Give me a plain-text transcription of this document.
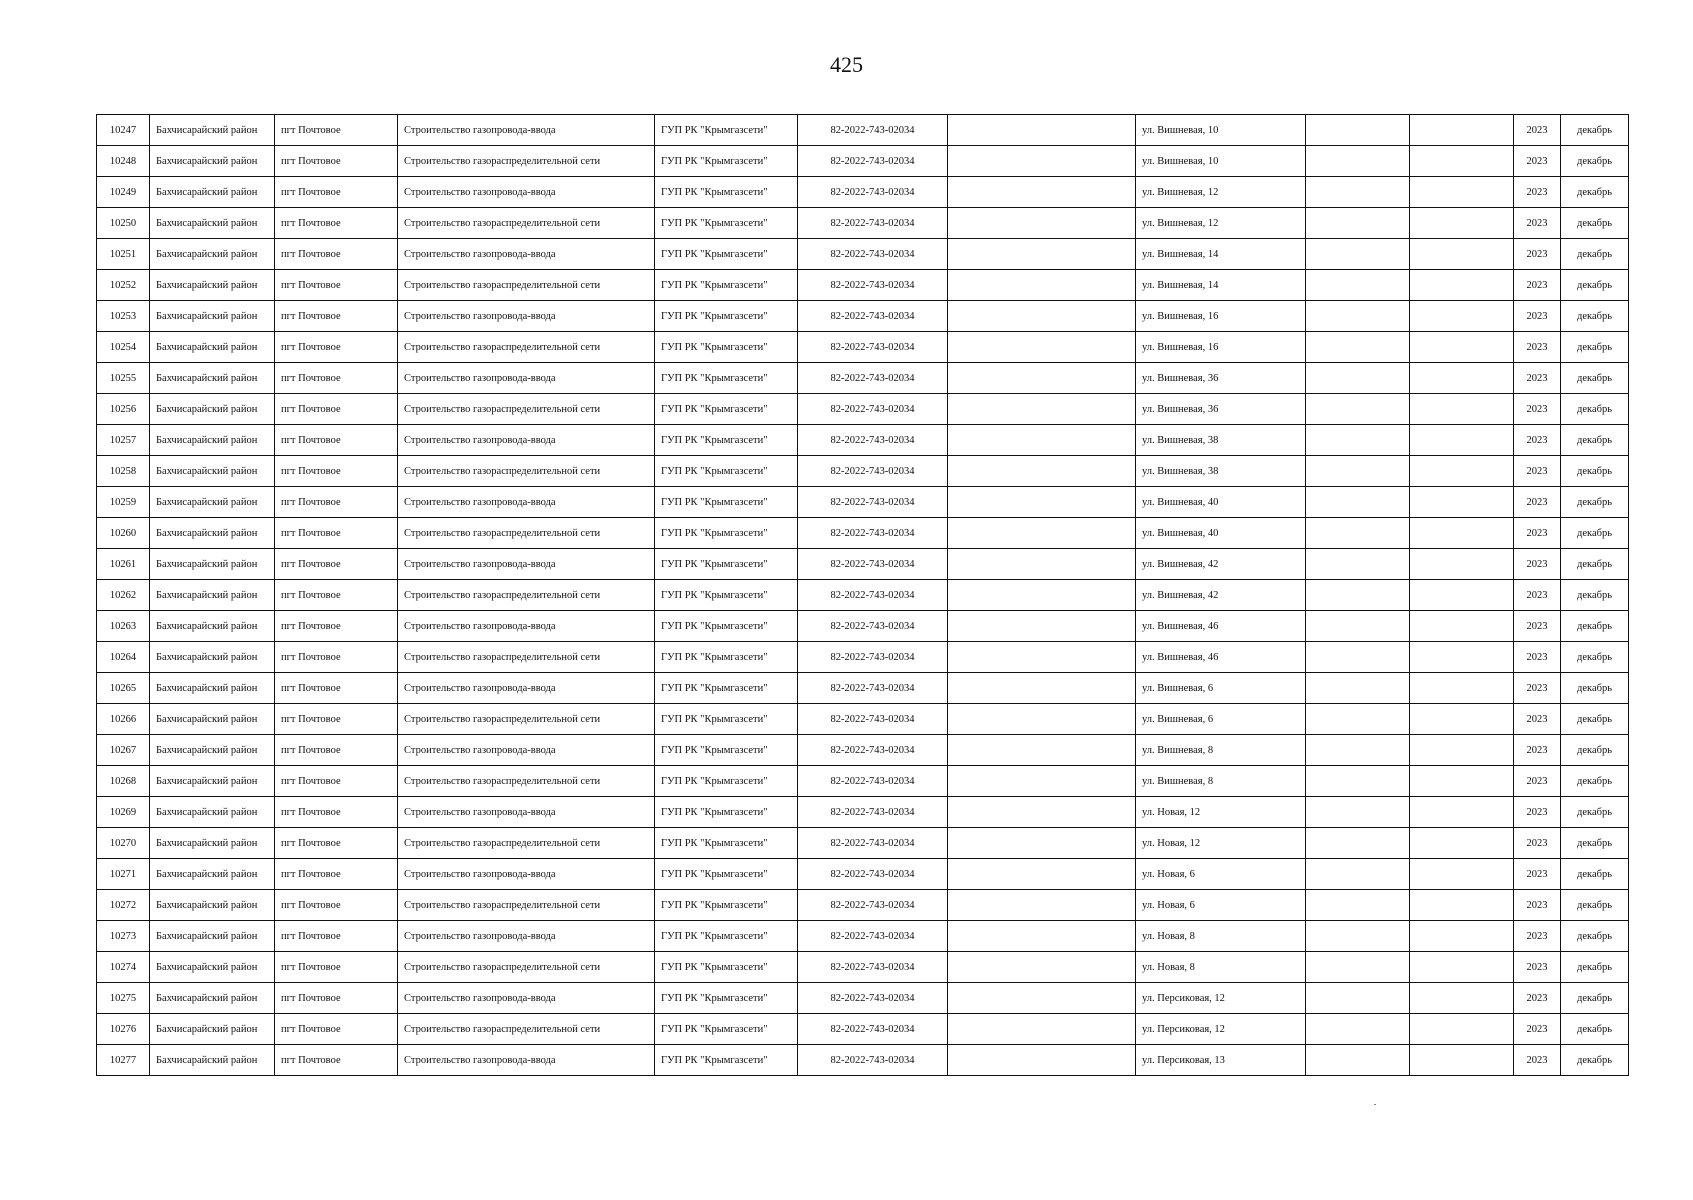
425
10247	Бахчисарайский район	пгт Почтовое	Строительство газопровода-ввода	ГУП РК "Крымгазсети"	82-2022-743-02034		ул. Вишневая, 10			2023	декабрь
10248	Бахчисарайский район	пгт Почтовое	Строительство газораспределительной сети	ГУП РК "Крымгазсети"	82-2022-743-02034		ул. Вишневая, 10			2023	декабрь
10249	Бахчисарайский район	пгт Почтовое	Строительство газопровода-ввода	ГУП РК "Крымгазсети"	82-2022-743-02034		ул. Вишневая, 12			2023	декабрь
10250	Бахчисарайский район	пгт Почтовое	Строительство газораспределительной сети	ГУП РК "Крымгазсети"	82-2022-743-02034		ул. Вишневая, 12			2023	декабрь
10251	Бахчисарайский район	пгт Почтовое	Строительство газопровода-ввода	ГУП РК "Крымгазсети"	82-2022-743-02034		ул. Вишневая, 14			2023	декабрь
10252	Бахчисарайский район	пгт Почтовое	Строительство газораспределительной сети	ГУП РК "Крымгазсети"	82-2022-743-02034		ул. Вишневая, 14			2023	декабрь
10253	Бахчисарайский район	пгт Почтовое	Строительство газопровода-ввода	ГУП РК "Крымгазсети"	82-2022-743-02034		ул. Вишневая, 16			2023	декабрь
10254	Бахчисарайский район	пгт Почтовое	Строительство газораспределительной сети	ГУП РК "Крымгазсети"	82-2022-743-02034		ул. Вишневая, 16			2023	декабрь
10255	Бахчисарайский район	пгт Почтовое	Строительство газопровода-ввода	ГУП РК "Крымгазсети"	82-2022-743-02034		ул. Вишневая, 36			2023	декабрь
10256	Бахчисарайский район	пгт Почтовое	Строительство газораспределительной сети	ГУП РК "Крымгазсети"	82-2022-743-02034		ул. Вишневая, 36			2023	декабрь
10257	Бахчисарайский район	пгт Почтовое	Строительство газопровода-ввода	ГУП РК "Крымгазсети"	82-2022-743-02034		ул. Вишневая, 38			2023	декабрь
10258	Бахчисарайский район	пгт Почтовое	Строительство газораспределительной сети	ГУП РК "Крымгазсети"	82-2022-743-02034		ул. Вишневая, 38			2023	декабрь
10259	Бахчисарайский район	пгт Почтовое	Строительство газопровода-ввода	ГУП РК "Крымгазсети"	82-2022-743-02034		ул. Вишневая, 40			2023	декабрь
10260	Бахчисарайский район	пгт Почтовое	Строительство газораспределительной сети	ГУП РК "Крымгазсети"	82-2022-743-02034		ул. Вишневая, 40			2023	декабрь
10261	Бахчисарайский район	пгт Почтовое	Строительство газопровода-ввода	ГУП РК "Крымгазсети"	82-2022-743-02034		ул. Вишневая, 42			2023	декабрь
10262	Бахчисарайский район	пгт Почтовое	Строительство газораспределительной сети	ГУП РК "Крымгазсети"	82-2022-743-02034		ул. Вишневая, 42			2023	декабрь
10263	Бахчисарайский район	пгт Почтовое	Строительство газопровода-ввода	ГУП РК "Крымгазсети"	82-2022-743-02034		ул. Вишневая, 46			2023	декабрь
10264	Бахчисарайский район	пгт Почтовое	Строительство газораспределительной сети	ГУП РК "Крымгазсети"	82-2022-743-02034		ул. Вишневая, 46			2023	декабрь
10265	Бахчисарайский район	пгт Почтовое	Строительство газопровода-ввода	ГУП РК "Крымгазсети"	82-2022-743-02034		ул. Вишневая, 6			2023	декабрь
10266	Бахчисарайский район	пгт Почтовое	Строительство газораспределительной сети	ГУП РК "Крымгазсети"	82-2022-743-02034		ул. Вишневая, 6			2023	декабрь
10267	Бахчисарайский район	пгт Почтовое	Строительство газопровода-ввода	ГУП РК "Крымгазсети"	82-2022-743-02034		ул. Вишневая, 8			2023	декабрь
10268	Бахчисарайский район	пгт Почтовое	Строительство газораспределительной сети	ГУП РК "Крымгазсети"	82-2022-743-02034		ул. Вишневая, 8			2023	декабрь
10269	Бахчисарайский район	пгт Почтовое	Строительство газопровода-ввода	ГУП РК "Крымгазсети"	82-2022-743-02034		ул. Новая, 12			2023	декабрь
10270	Бахчисарайский район	пгт Почтовое	Строительство газораспределительной сети	ГУП РК "Крымгазсети"	82-2022-743-02034		ул. Новая, 12			2023	декабрь
10271	Бахчисарайский район	пгт Почтовое	Строительство газопровода-ввода	ГУП РК "Крымгазсети"	82-2022-743-02034		ул. Новая, 6			2023	декабрь
10272	Бахчисарайский район	пгт Почтовое	Строительство газораспределительной сети	ГУП РК "Крымгазсети"	82-2022-743-02034		ул. Новая, 6			2023	декабрь
10273	Бахчисарайский район	пгт Почтовое	Строительство газопровода-ввода	ГУП РК "Крымгазсети"	82-2022-743-02034		ул. Новая, 8			2023	декабрь
10274	Бахчисарайский район	пгт Почтовое	Строительство газораспределительной сети	ГУП РК "Крымгазсети"	82-2022-743-02034		ул. Новая, 8			2023	декабрь
10275	Бахчисарайский район	пгт Почтовое	Строительство газопровода-ввода	ГУП РК "Крымгазсети"	82-2022-743-02034		ул. Персиковая, 12			2023	декабрь
10276	Бахчисарайский район	пгт Почтовое	Строительство газораспределительной сети	ГУП РК "Крымгазсети"	82-2022-743-02034		ул. Персиковая, 12			2023	декабрь
10277	Бахчисарайский район	пгт Почтовое	Строительство газопровода-ввода	ГУП РК "Крымгазсети"	82-2022-743-02034		ул. Персиковая, 13			2023	декабрь
